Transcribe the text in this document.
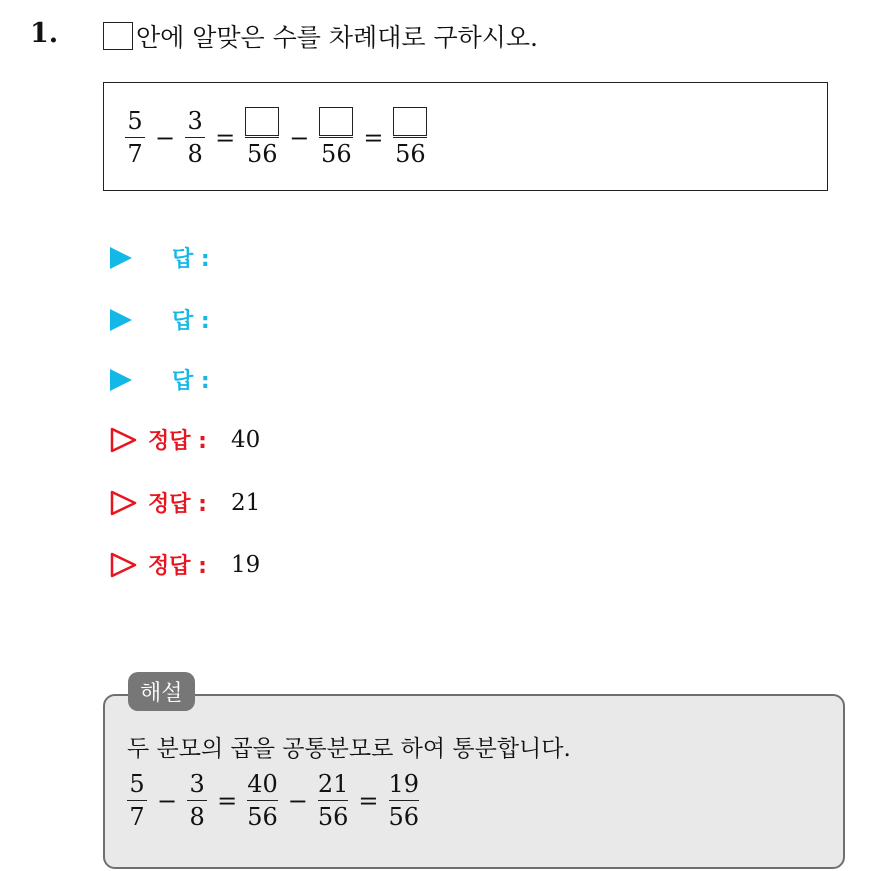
1.	안에 알맞은 수를 차례대로 구하시오.
$\frac{5}{7} - \frac{3}{8}$ =
56
−
56
=
56
답 :
답 :
답 :
정답 : 40
정답 : 21
정답 : 19
해설
두 분모의 곱을 공통분모로 하여 통분합니다.
$\frac{5}{7} - \frac{3}{8} = \frac{40}{56} - \frac{21}{56} = \frac{19}{56}$
